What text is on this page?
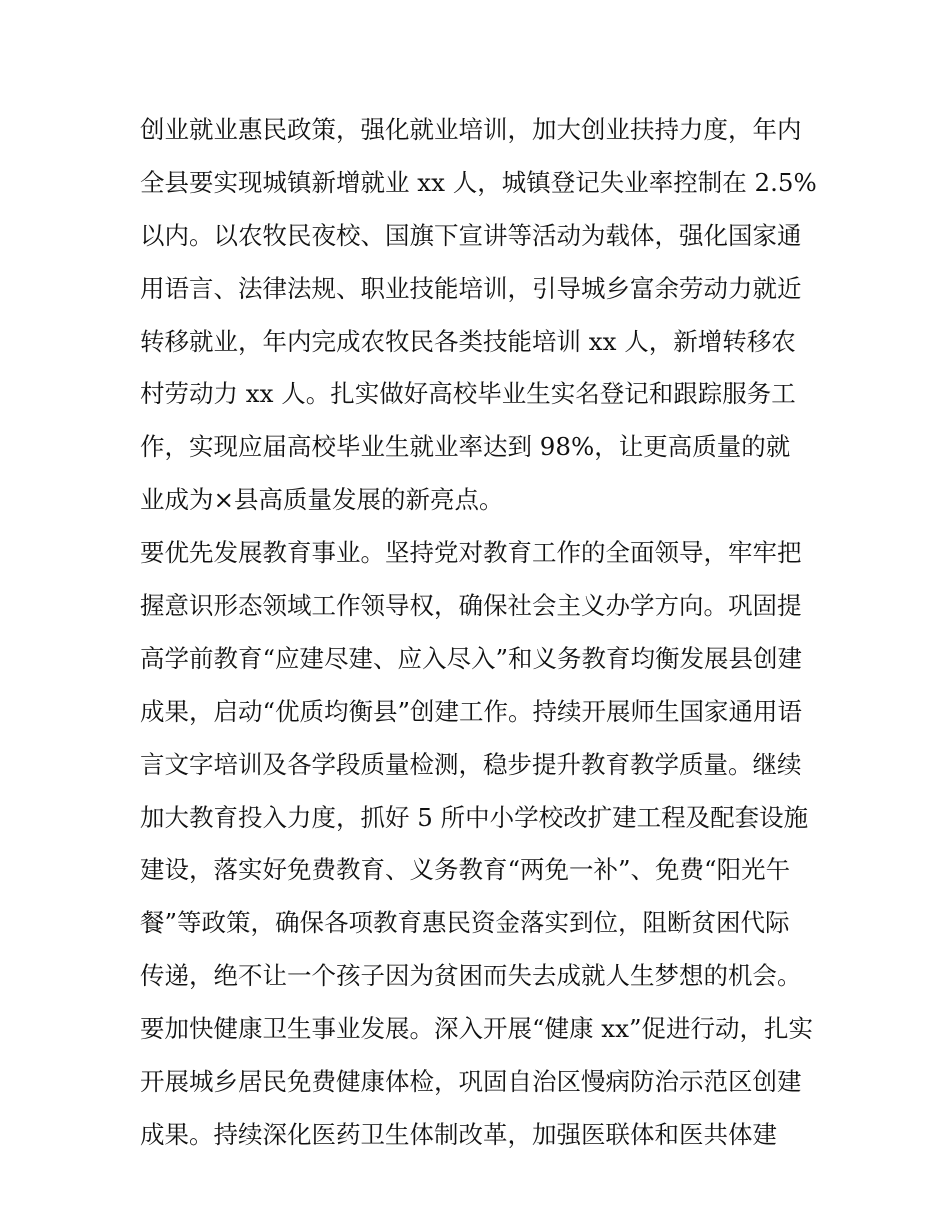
创业就业惠民政策，强化就业培训，加大创业扶持力度，年内
全县要实现城镇新增就业 xx 人，城镇登记失业率控制在 2.5%
以内。以农牧民夜校、国旗下宣讲等活动为载体，强化国家通
用语言、法律法规、职业技能培训，引导城乡富余劳动力就近
转移就业，年内完成农牧民各类技能培训 xx 人，新增转移农
村劳动力 xx 人。扎实做好高校毕业生实名登记和跟踪服务工
作，实现应届高校毕业生就业率达到 98%，让更高质量的就
业成为×县高质量发展的新亮点。
要优先发展教育事业。坚持党对教育工作的全面领导，牢牢把
握意识形态领域工作领导权，确保社会主义办学方向。巩固提
高学前教育“应建尽建、应入尽入”和义务教育均衡发展县创建
成果，启动“优质均衡县”创建工作。持续开展师生国家通用语
言文字培训及各学段质量检测，稳步提升教育教学质量。继续
加大教育投入力度，抓好 5 所中小学校改扩建工程及配套设施
建设，落实好免费教育、义务教育“两免一补”、免费“阳光午
餐”等政策，确保各项教育惠民资金落实到位，阻断贫困代际
传递，绝不让一个孩子因为贫困而失去成就人生梦想的机会。
要加快健康卫生事业发展。深入开展“健康 xx”促进行动，扎实
开展城乡居民免费健康体检，巩固自治区慢病防治示范区创建
成果。持续深化医药卫生体制改革，加强医联体和医共体建
